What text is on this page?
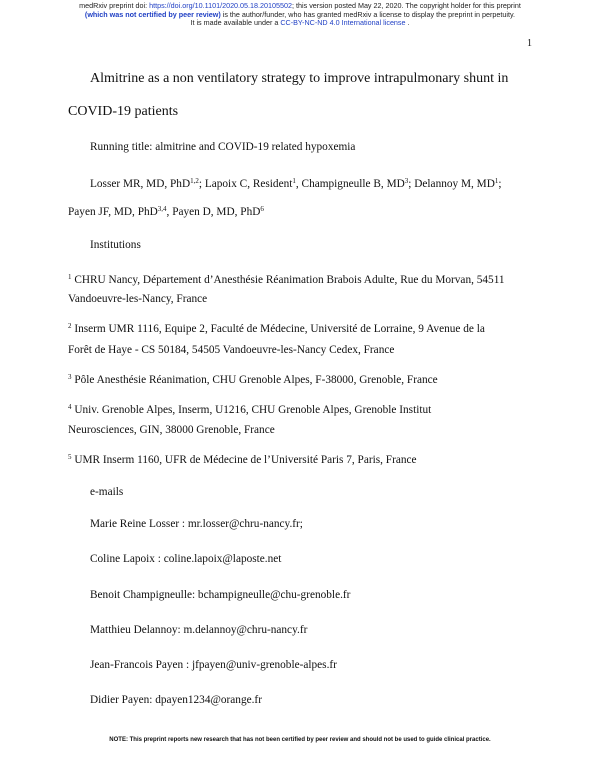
medRxiv preprint doi: https://doi.org/10.1101/2020.05.18.20105502; this version posted May 22, 2020. The copyright holder for this preprint
(which was not certified by peer review) is the author/funder, who has granted medRxiv a license to display the preprint in perpetuity.
It is made available under a CC-BY-NC-ND 4.0 International license .
1
Almitrine as a non ventilatory strategy to improve intrapulmonary shunt in
COVID-19 patients
Running title: almitrine and COVID-19 related hypoxemia
Losser MR, MD, PhD$^{1,2}$; Lapoix C, Resident$^1$, Champigneulle B, $MD^3$; Delannoy M, $MD^1$;
Payen JF, MD, PhD$^{3,4}$, Payen D, MD, PhD$^6$
Institutions
$^1$ CHRU Nancy, Département d’Anesthésie Réanimation Brabois Adulte, Rue du Morvan, 54511
Vandoeuvre-les-Nancy, France
$^2$ Inserm UMR 1116, Equipe 2, Faculté de Médecine, Université de Lorraine, 9 Avenue de la
Forêt de Haye - CS 50184, 54505 Vandoeuvre-les-Nancy Cedex, France
$^3$ Pôle Anesthésie Réanimation, CHU Grenoble Alpes, F-38000, Grenoble, France
$^4$ Univ. Grenoble Alpes, Inserm, U1216, CHU Grenoble Alpes, Grenoble Institut
Neurosciences, GIN, 38000 Grenoble, France
$^5$ UMR Inserm 1160, UFR de Médecine de l’Université Paris 7, Paris, France
e-mails
Marie Reine Losser : mr.losser@chru-nancy.fr;
Coline Lapoix : coline.lapoix@laposte.net
Benoit Champigneulle: bchampigneulle@chu-grenoble.fr
Matthieu Delannoy: m.delannoy@chru-nancy.fr
Jean-Francois Payen : jfpayen@univ-grenoble-alpes.fr
Didier Payen: dpayen1234@orange.fr
NOTE: This preprint reports new research that has not been certified by peer review and should not be used to guide clinical practice.
